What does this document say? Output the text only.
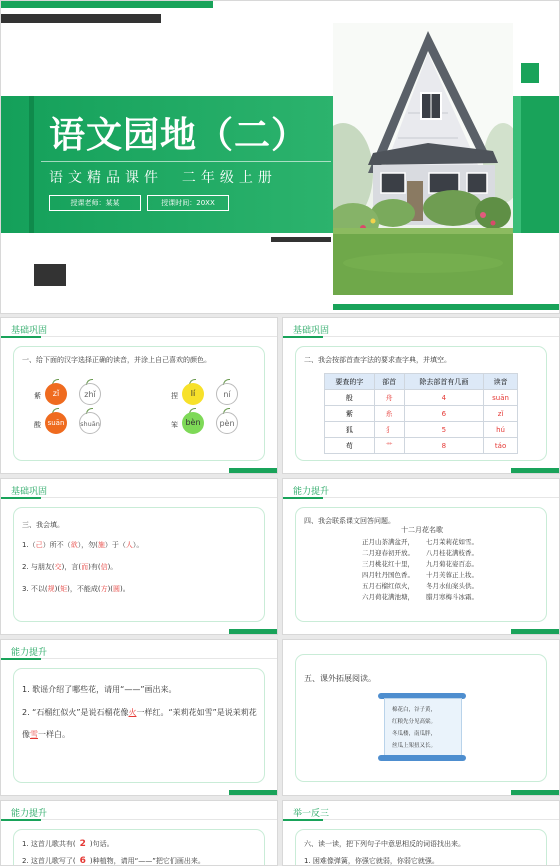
语文园地（二）
语文精品课件  二年级上册
授课老师：某某	授课时间：20XX
基础巩固
一、给下面的汉字选择正确的读音，并涂上自己喜欢的颜色。
紫	zǐ	zhǐ
酸 suān	shuān
捏	lí	ní
笨 bèn	pèn
基础巩固
二、我会按部首查字法的要求查字典，并填空。
要查的字	部首	除去部首有几画	读音
般	舟	4	suān
紫	糸	6	zǐ
狐	犭	5	hú
苟	艹	8	táo
基础巩固
三、我会填。
1.（己）所不（欲），勿(施）于（人）。
2. 与朋友(交)，言(而)有(信)。
3. 不以(规)(矩)，不能成(方)(圆)。
能力提升
四、我会联系课文回答问题。
十二月花名歌
正月山茶满盆开， 七月茉莉花如雪。
二月迎春初开放。 八月桂花满枝香。
三月桃花红十里， 九月菊花姿百态。
四月牡丹国色香。 十月芙蓉正上妆。
五月石榴红似火， 冬月水仙案头供。
六月荷花满池塘， 腊月寒梅斗冰霜。
能力提升
1. 歌谣介绍了哪些花，请用“——”画出来。
2. “石榴红似火”是说石榴花像火一样红。“茉莉花如雪”是说茉莉花
像雪一样白。
五、课外拓展阅读。
棉花白，谷子黄，
红粮先分见高粱。
冬瓜楼，南瓜胖，
丝瓜上架扭又长。
能力提升
1. 这首儿歌共有( 2 )句话。
2. 这首儿歌写了( 6 )种植物，请用“——”把它们画出来。
举一反三
六、读一读，把下列句子中意思相反的词语找出来。
1. 困难像弹簧，你强它就弱，你弱它就强。
